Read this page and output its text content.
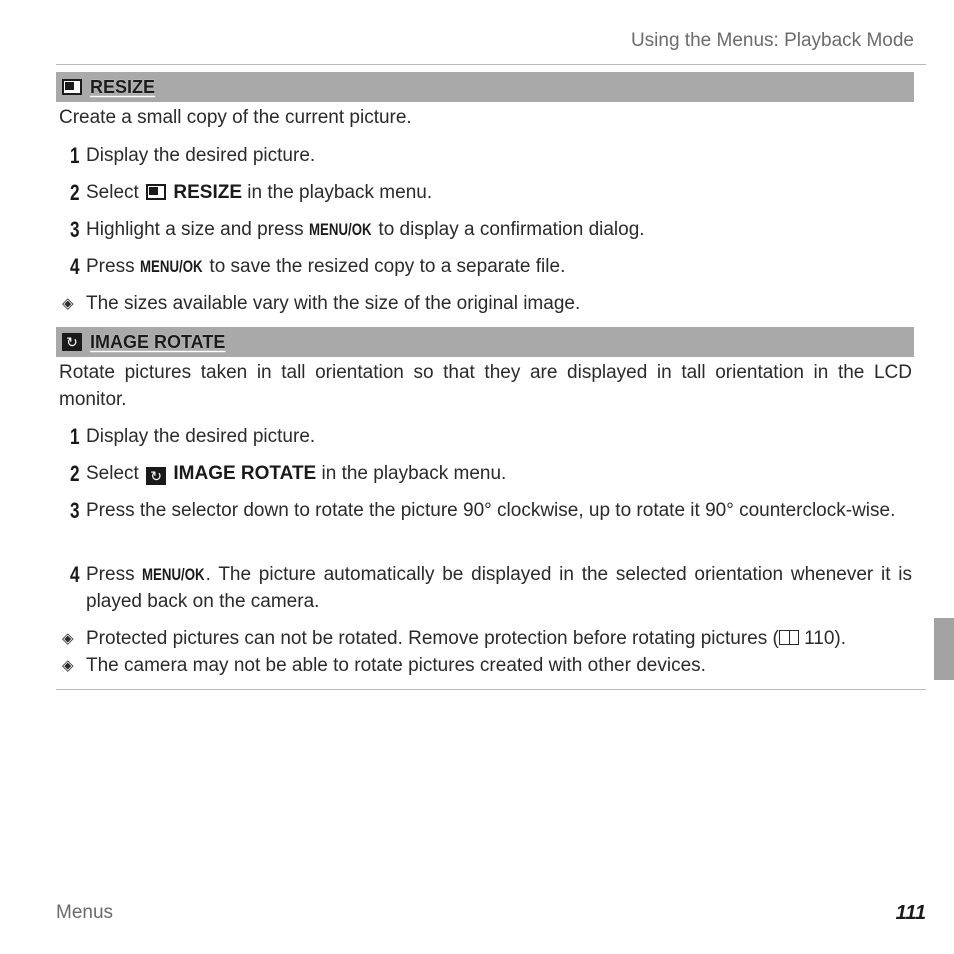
Using the Menus: Playback Mode
RESIZE
Create a small copy of the current picture.
1 Display the desired picture.
2 Select RESIZE in the playback menu.
3 Highlight a size and press MENU/OK to display a confirmation dialog.
4 Press MENU/OK to save the resized copy to a separate file.
◈ The sizes available vary with the size of the original image.
↻ IMAGE ROTATE
Rotate pictures taken in tall orientation so that they are displayed in tall orientation in the LCD monitor.
1 Display the desired picture.
2 Select ↻ IMAGE ROTATE in the playback menu.
3 Press the selector down to rotate the picture 90° clockwise, up to rotate it 90° counterclock-wise.
4 Press MENU/OK. The picture automatically be displayed in the selected orientation whenever it is played back on the camera.
◈ Protected pictures can not be rotated. Remove protection before rotating pictures ( 110).
◈ The camera may not be able to rotate pictures created with other devices.
Menus	111
